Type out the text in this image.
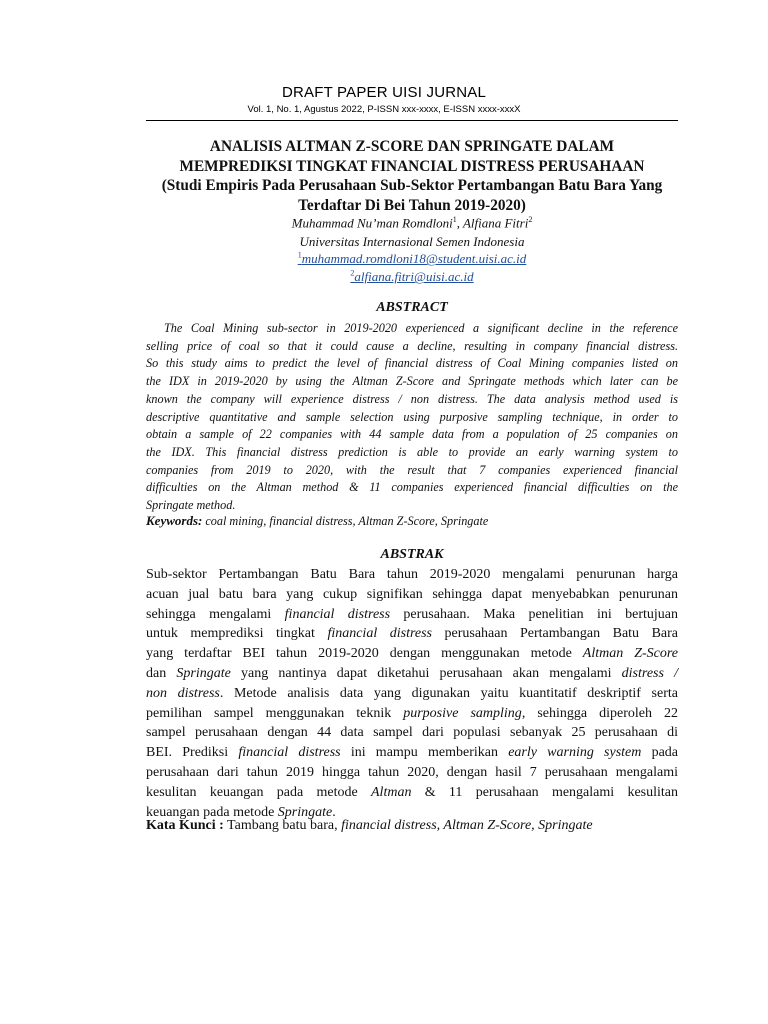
DRAFT PAPER UISI JURNAL
Vol. 1, No. 1, Agustus 2022, P-ISSN xxx-xxxx, E-ISSN xxxx-xxxX
ANALISIS ALTMAN Z-SCORE DAN SPRINGATE DALAM
MEMPREDIKSI TINGKAT FINANCIAL DISTRESS PERUSAHAAN
(Studi Empiris Pada Perusahaan Sub-Sektor Pertambangan Batu Bara Yang
Terdaftar Di Bei Tahun 2019-2020)
Muhammad Nu’man Romdloni$^1$, Alfiana Fitri$^2$
Universitas Internasional Semen Indonesia
$^1$muhammad.romdloni18@student.uisi.ac.id
$^2$alfiana.fitri@uisi.ac.id
ABSTRACT
The Coal Mining sub-sector in 2019-2020 experienced a significant decline in the reference
selling price of coal so that it could cause a decline, resulting in company financial distress.
So this study aims to predict the level of financial distress of Coal Mining companies listed on
the IDX in 2019-2020 by using the Altman Z-Score and Springate methods which later can be
known the company will experience distress / non distress. The data analysis method used is
descriptive quantitative and sample selection using purposive sampling technique, in order to
obtain a sample of 22 companies with 44 sample data from a population of 25 companies on
the IDX. This financial distress prediction is able to provide an early warning system to
companies from 2019 to 2020, with the result that 7 companies experienced financial
difficulties on the Altman method & 11 companies experienced financial difficulties on the
Springate method.
Keywords: coal mining, financial distress, Altman Z-Score, Springate
ABSTRAK
Sub-sektor Pertambangan Batu Bara tahun 2019-2020 mengalami penurunan harga
acuan jual batu bara yang cukup signifikan sehingga dapat menyebabkan penurunan
sehingga mengalami financial distress perusahaan. Maka penelitian ini bertujuan
untuk memprediksi tingkat financial distress perusahaan Pertambangan Batu Bara
yang terdaftar BEI tahun 2019-2020 dengan menggunakan metode Altman Z-Score
dan Springate yang nantinya dapat diketahui perusahaan akan mengalami distress /
non distress. Metode analisis data yang digunakan yaitu kuantitatif deskriptif serta
pemilihan sampel menggunakan teknik purposive sampling, sehingga diperoleh 22
sampel perusahaan dengan 44 data sampel dari populasi sebanyak 25 perusahaan di
BEI. Prediksi financial distress ini mampu memberikan early warning system pada
perusahaan dari tahun 2019 hingga tahun 2020, dengan hasil 7 perusahaan mengalami
kesulitan keuangan pada metode Altman & 11 perusahaan mengalami kesulitan
keuangan pada metode Springate.
Kata Kunci : Tambang batu bara, financial distress, Altman Z-Score, Springate
